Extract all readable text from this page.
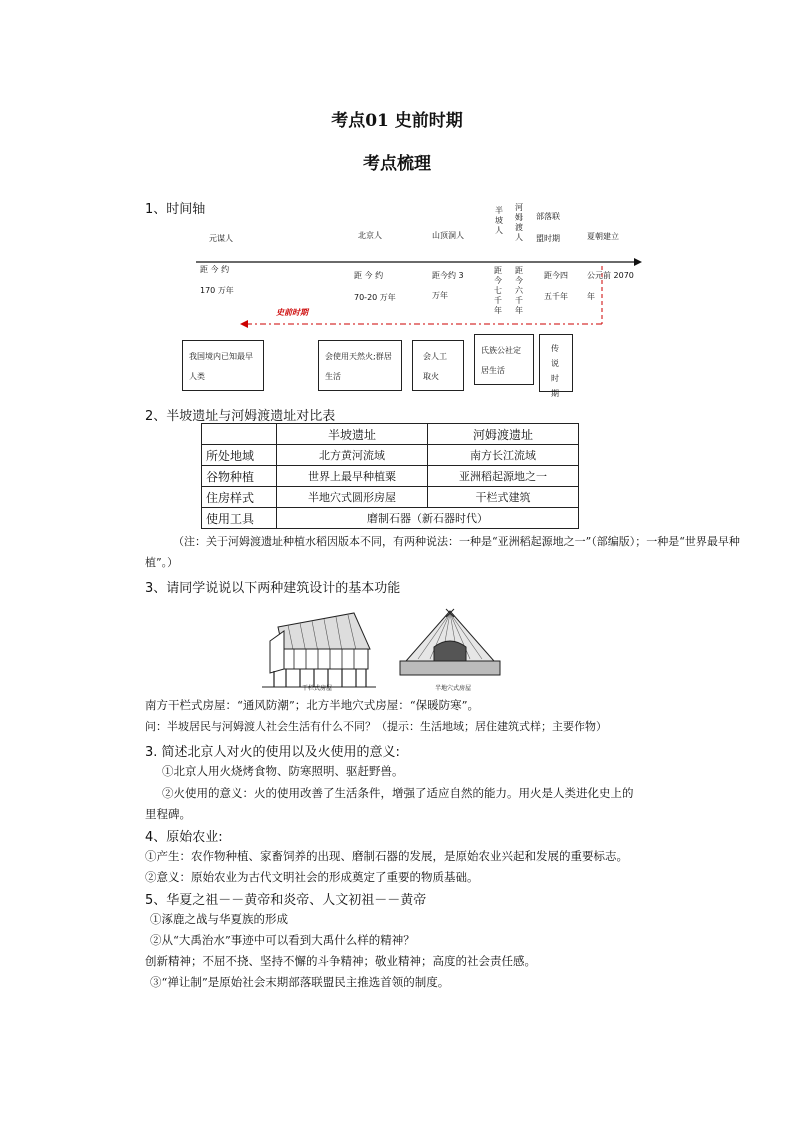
考点01 史前时期
考点梳理
1、时间轴
元谋人	北京人	山顶洞人
半坡人
河姆渡人
部落联
盟时期	夏朝建立
距 今 约
170 万年
距 今 约
70-20 万年
距今约 3
万年
距今七千年
距今六千年
距今四
五千年
公元前 2070
年
史前时期
我国境内已知最早人类
会使用天然火;群居生活
会人工取火
氏族公社定居生活
传说时期
2、半坡遗址与河姆渡遗址对比表
	半坡遗址	河姆渡遗址
所处地域	北方黄河流域	南方长江流域
谷物种植	世界上最早种植粟	亚洲稻起源地之一
住房样式	半地穴式圆形房屋	干栏式建筑
使用工具	磨制石器（新石器时代）	
（注：关于河姆渡遗址种植水稻因版本不同，有两种说法：一种是“亚洲稻起源地之一”（部编版）；一种是“世界最早种植”。）
3、请同学说说以下两种建筑设计的基本功能
干栏式房屋	半地穴式房屋
南方干栏式房屋：“通风防潮”；北方半地穴式房屋：“保暖防寒”。
问：半坡居民与河姆渡人社会生活有什么不同？（提示：生活地域；居住建筑式样；主要作物）
3. 简述北京人对火的使用以及火使用的意义:
①北京人用火烧烤食物、防寒照明、驱赶野兽。
②火使用的意义：火的使用改善了生活条件，增强了适应自然的能力。用火是人类进化史上的
里程碑。
4、原始农业:
①产生：农作物种植、家畜饲养的出现、磨制石器的发展，是原始农业兴起和发展的重要标志。
②意义：原始农业为古代文明社会的形成奠定了重要的物质基础。
5、华夏之祖－－黄帝和炎帝、人文初祖－－黄帝
①涿鹿之战与华夏族的形成
②从“大禹治水”事迹中可以看到大禹什么样的精神？
创新精神；不屈不挠、坚持不懈的斗争精神；敬业精神；高度的社会责任感。
③“禅让制”是原始社会末期部落联盟民主推选首领的制度。
